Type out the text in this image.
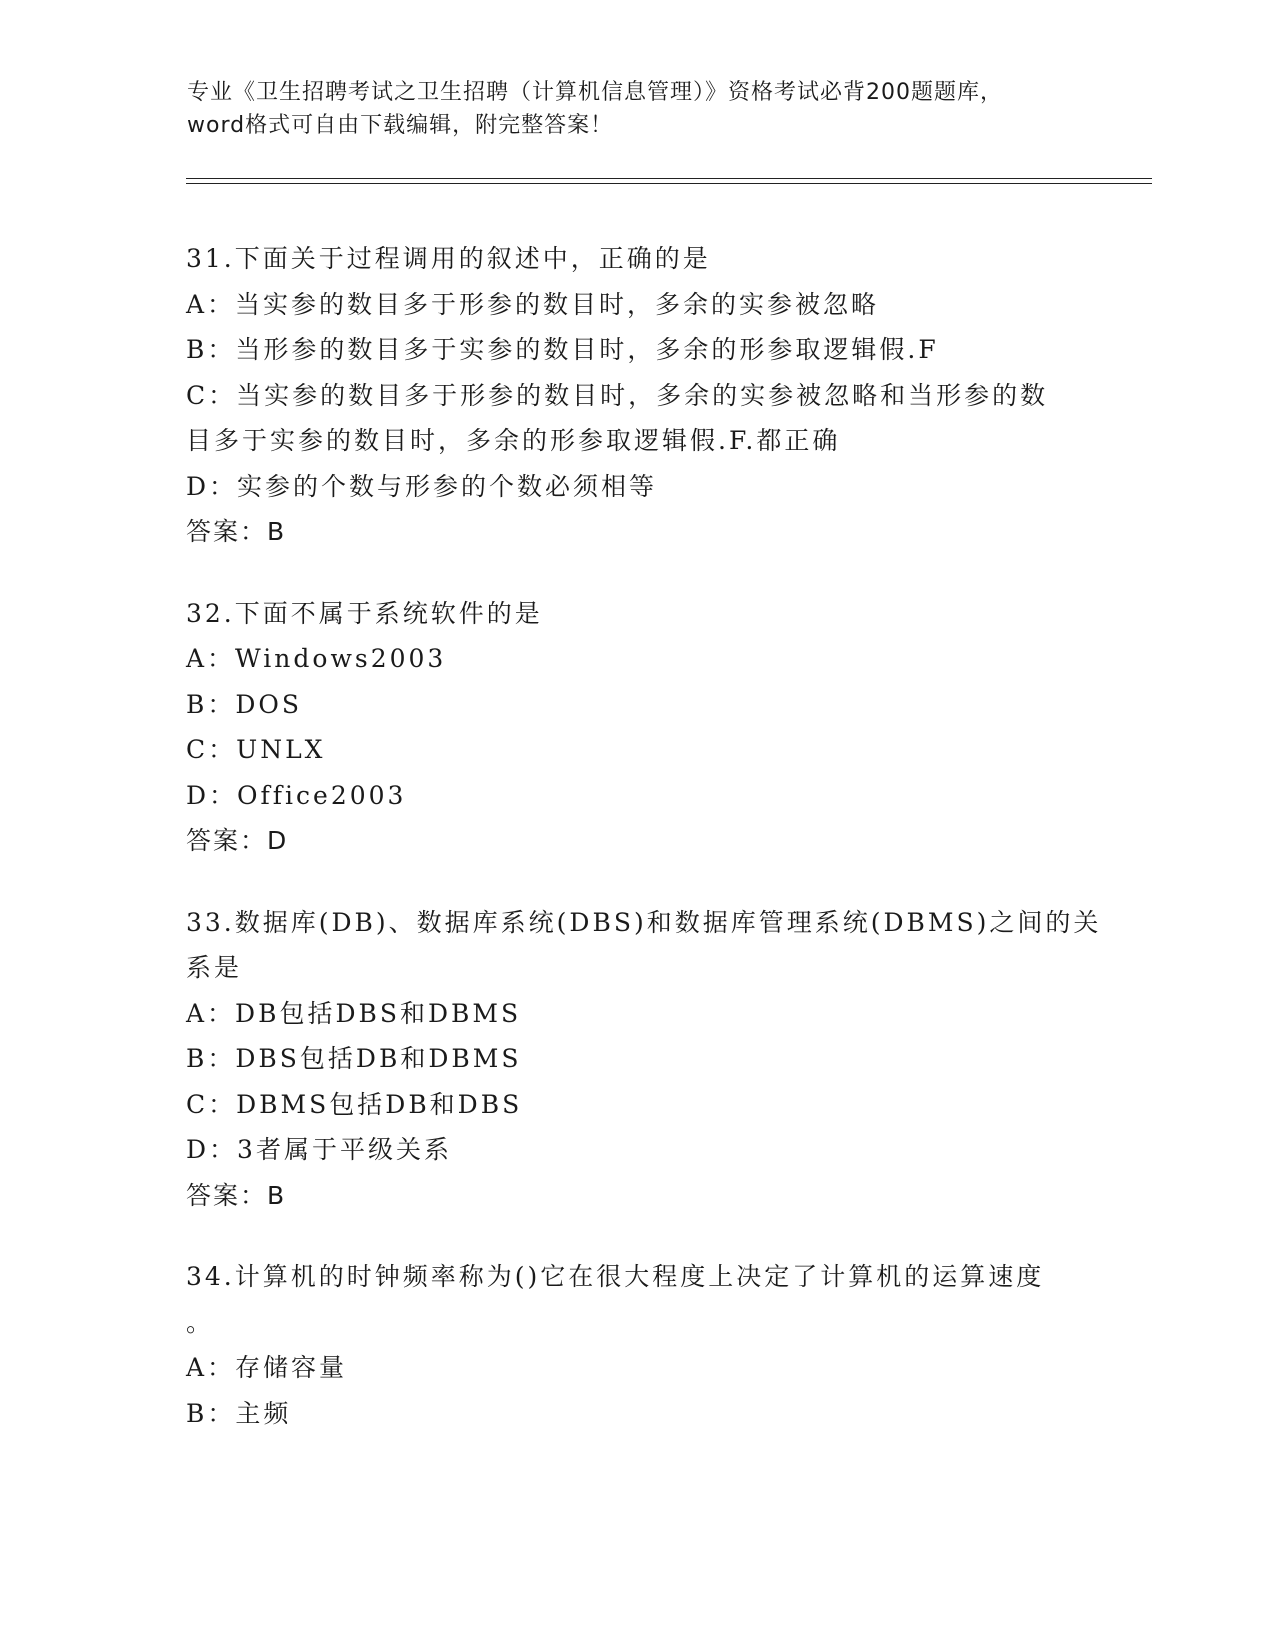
专业《卫生招聘考试之卫生招聘（计算机信息管理）》资格考试必背200题题库，
word格式可自由下载编辑，附完整答案！
31.下面关于过程调用的叙述中，正确的是
A：当实参的数目多于形参的数目时，多余的实参被忽略
B：当形参的数目多于实参的数目时，多余的形参取逻辑假.F
C：当实参的数目多于形参的数目时，多余的实参被忽略和当形参的数
目多于实参的数目时，多余的形参取逻辑假.F.都正确
D：实参的个数与形参的个数必须相等
答案：B
32.下面不属于系统软件的是
A：Windows2003
B：DOS
C：UNLX
D：Office2003
答案：D
33.数据库(DB)、数据库系统(DBS)和数据库管理系统(DBMS)之间的关
系是
A：DB包括DBS和DBMS
B：DBS包括DB和DBMS
C：DBMS包括DB和DBS
D：3者属于平级关系
答案：B
34.计算机的时钟频率称为()它在很大程度上决定了计算机的运算速度
。
A：存储容量
B：主频
